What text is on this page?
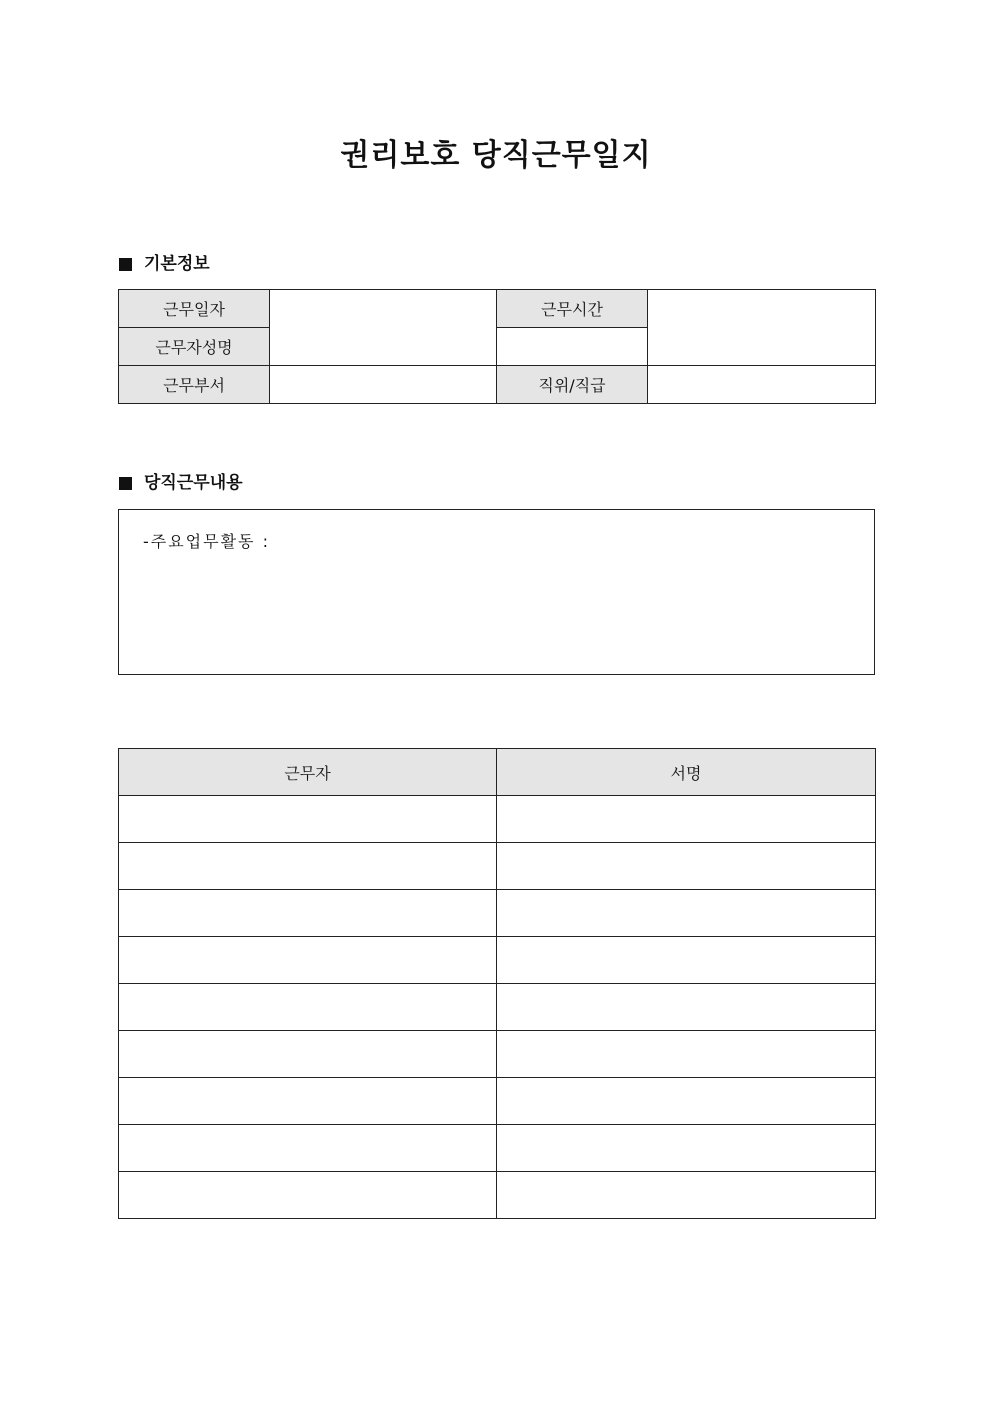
권리보호 당직근무일지
기본정보
근무일자		근무시간	
근무자성명			
근무부서		직위/직급	
당직근무내용
-주요업무활동 :
근무자	서명
